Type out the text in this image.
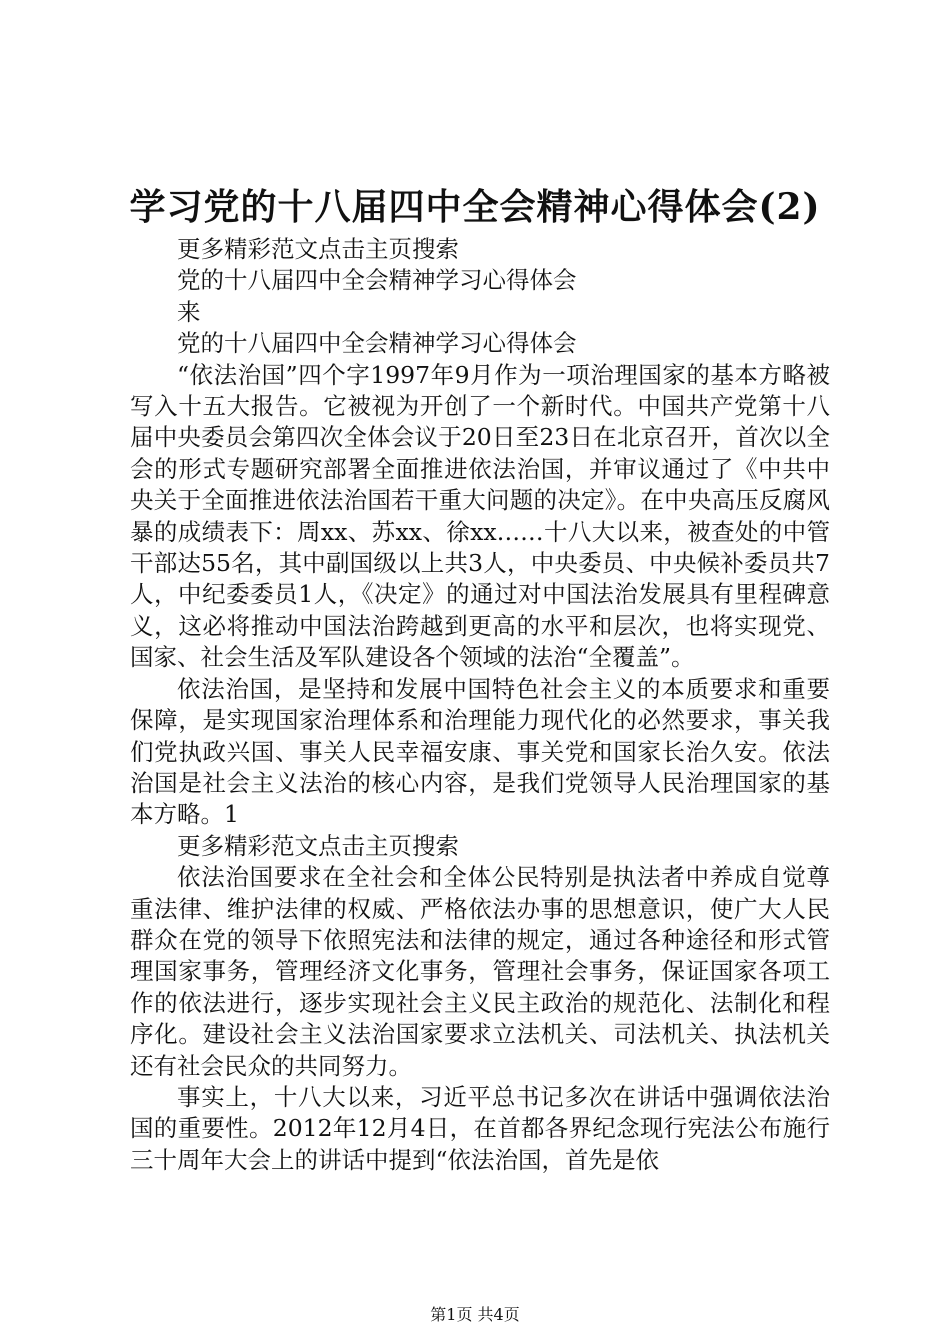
学习党的十八届四中全会精神心得体会(2)

更多精彩范文点击主页搜索

党的十八届四中全会精神学习心得体会

来

党的十八届四中全会精神学习心得体会

“依法治国”四个字1997年9月作为一项治理国家的基本方略被写入十五大报告。它被视为开创了一个新时代。中国共产党第十八届中央委员会第四次全体会议于20日至23日在北京召开，首次以全会的形式专题研究部署全面推进依法治国，并审议通过了《中共中央关于全面推进依法治国若干重大问题的决定》。在中央高压反腐风暴的成绩表下：周xx、苏xx、徐xx……十八大以来，被查处的中管干部达55名，其中副国级以上共3人，中央委员、中央候补委员共7人，中纪委委员1人，《决定》的通过对中国法治发展具有里程碑意义，这必将推动中国法治跨越到更高的水平和层次，也将实现党、国家、社会生活及军队建设各个领域的法治“全覆盖”。

依法治国，是坚持和发展中国特色社会主义的本质要求和重要保障，是实现国家治理体系和治理能力现代化的必然要求，事关我们党执政兴国、事关人民幸福安康、事关党和国家长治久安。依法治国是社会主义法治的核心内容，是我们党领导人民治理国家的基本方略。1

更多精彩范文点击主页搜索

依法治国要求在全社会和全体公民特别是执法者中养成自觉尊重法律、维护法律的权威、严格依法办事的思想意识，使广大人民群众在党的领导下依照宪法和法律的规定，通过各种途径和形式管理国家事务，管理经济文化事务，管理社会事务，保证国家各项工作的依法进行，逐步实现社会主义民主政治的规范化、法制化和程序化。建设社会主义法治国家要求立法机关、司法机关、执法机关还有社会民众的共同努力。

事实上，十八大以来，习近平总书记多次在讲话中强调依法治国的重要性。2012年12月4日，在首都各界纪念现行宪法公布施行三十周年大会上的讲话中提到“依法治国，首先是依

第1页 共4页
